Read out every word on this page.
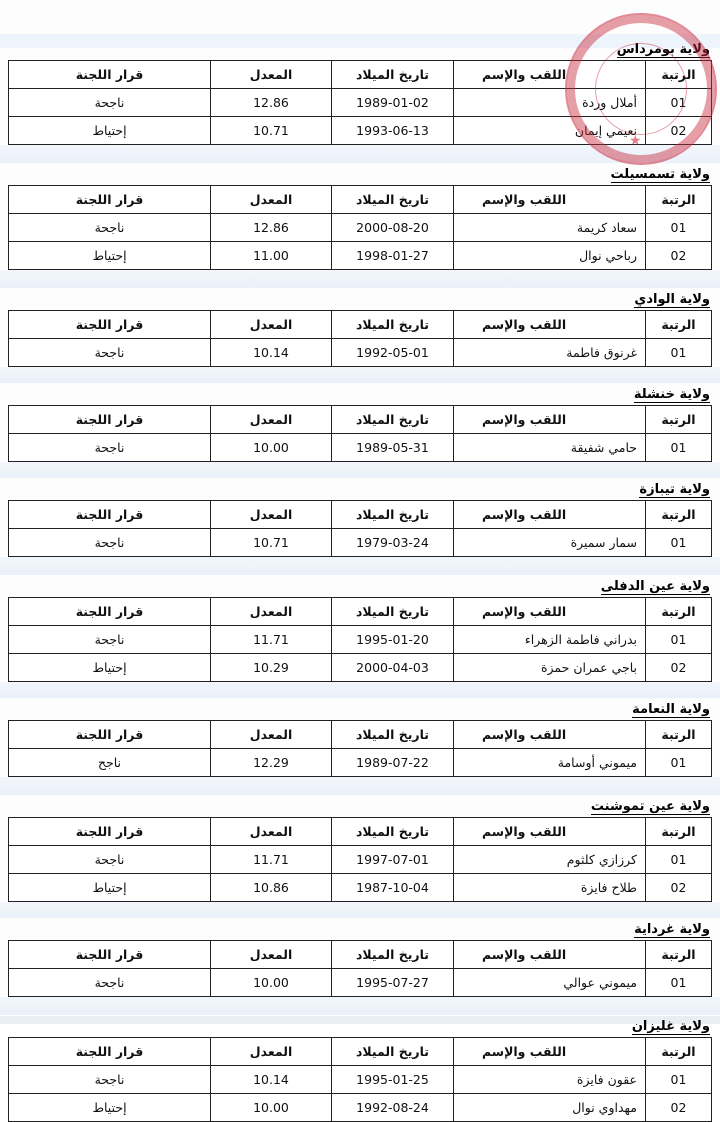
ولاية بومرداس
الرتبة	اللقب والإسم	تاريخ الميلاد	المعدل	قرار اللجنة
01	أملال وردة	1989-01-02	12.86	ناجحة
02	نعيمي إيمان	1993-06-13	10.71	إحتياط
ولاية تسمسيلت
الرتبة	اللقب والإسم	تاريخ الميلاد	المعدل	قرار اللجنة
01	سعاد كريمة	2000-08-20	12.86	ناجحة
02	رباحي نوال	1998-01-27	11.00	إحتياط
ولاية الوادي
الرتبة	اللقب والإسم	تاريخ الميلاد	المعدل	قرار اللجنة
01	غرنوق فاطمة	1992-05-01	10.14	ناجحة
ولاية خنشلة
الرتبة	اللقب والإسم	تاريخ الميلاد	المعدل	قرار اللجنة
01	حامي شفيقة	1989-05-31	10.00	ناجحة
ولاية تيبازة
الرتبة	اللقب والإسم	تاريخ الميلاد	المعدل	قرار اللجنة
01	سمار سميرة	1979-03-24	10.71	ناجحة
ولاية عين الدفلى
الرتبة	اللقب والإسم	تاريخ الميلاد	المعدل	قرار اللجنة
01	بدراني فاطمة الزهراء	1995-01-20	11.71	ناجحة
02	باجي عمران حمزة	2000-04-03	10.29	إحتياط
ولاية النعامة
الرتبة	اللقب والإسم	تاريخ الميلاد	المعدل	قرار اللجنة
01	ميموني أوسامة	1989-07-22	12.29	ناجح
ولاية عين تموشنت
الرتبة	اللقب والإسم	تاريخ الميلاد	المعدل	قرار اللجنة
01	كرزازي كلثوم	1997-07-01	11.71	ناجحة
02	طلاح فايزة	1987-10-04	10.86	إحتياط
ولاية غرداية
الرتبة	اللقب والإسم	تاريخ الميلاد	المعدل	قرار اللجنة
01	ميموني عوالي	1995-07-27	10.00	ناجحة
ولاية غليزان
الرتبة	اللقب والإسم	تاريخ الميلاد	المعدل	قرار اللجنة
01	عقون فايزة	1995-01-25	10.14	ناجحة
02	مهداوي نوال	1992-08-24	10.00	إحتياط
★
